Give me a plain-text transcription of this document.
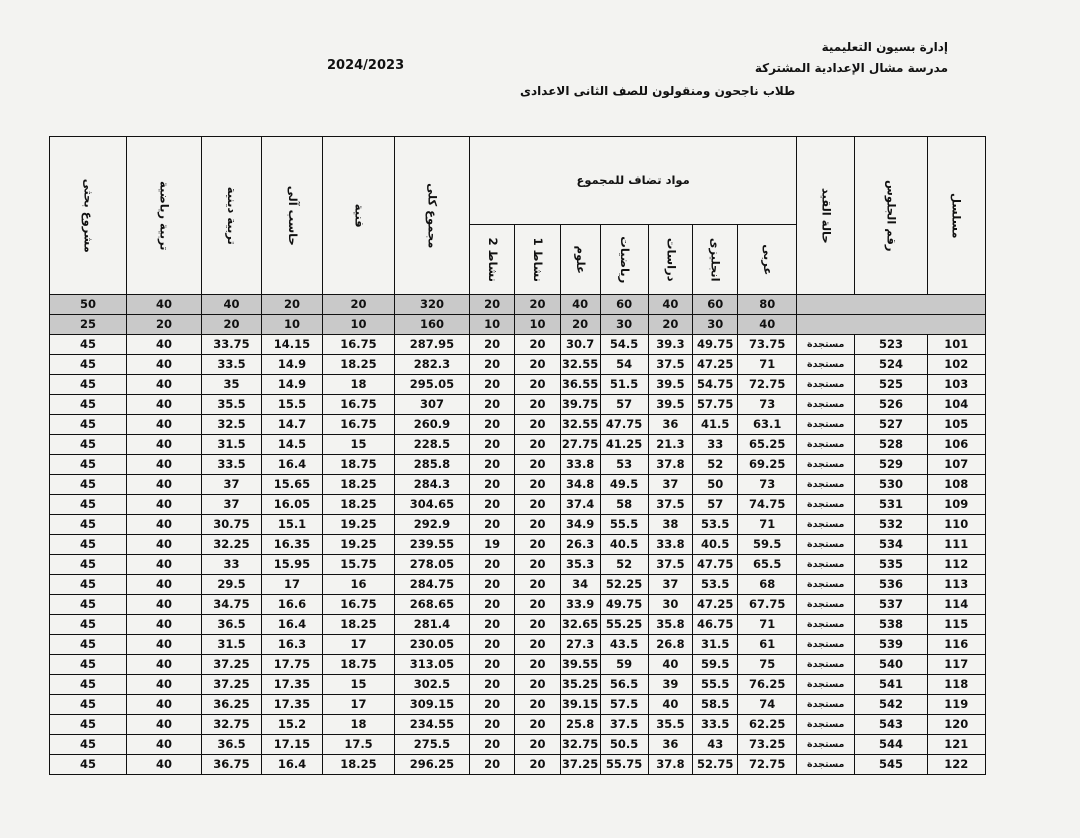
إدارة بسيون التعليمية
مدرسة مشال الإعدادية المشتركة
2024/2023
طلاب ناجحون ومنقولون للصف الثانى الاعدادى
مشروع بحثى	تربية رياضية	تربية دينية	حاسب آلى	فنية	مجموع كلى	مواد تضاف للمجموع							حالة القيد	رقم الجلوس	مسلسل
						نشاط 2	نشاط 1	علوم	رياضيات	دراسات	انجليزى	عربى			
50	40	40	20	20	320	20	20	40	60	40	60	80			
25	20	20	10	10	160	10	10	20	30	20	30	40			
45	40	33.75	14.15	16.75	287.95	20	20	30.7	54.5	39.3	49.75	73.75	مستجدة	523	101
45	40	33.5	14.9	18.25	282.3	20	20	32.55	54	37.5	47.25	71	مستجدة	524	102
45	40	35	14.9	18	295.05	20	20	36.55	51.5	39.5	54.75	72.75	مستجدة	525	103
45	40	35.5	15.5	16.75	307	20	20	39.75	57	39.5	57.75	73	مستجدة	526	104
45	40	32.5	14.7	16.75	260.9	20	20	32.55	47.75	36	41.5	63.1	مستجدة	527	105
45	40	31.5	14.5	15	228.5	20	20	27.75	41.25	21.3	33	65.25	مستجدة	528	106
45	40	33.5	16.4	18.75	285.8	20	20	33.8	53	37.8	52	69.25	مستجدة	529	107
45	40	37	15.65	18.25	284.3	20	20	34.8	49.5	37	50	73	مستجدة	530	108
45	40	37	16.05	18.25	304.65	20	20	37.4	58	37.5	57	74.75	مستجدة	531	109
45	40	30.75	15.1	19.25	292.9	20	20	34.9	55.5	38	53.5	71	مستجدة	532	110
45	40	32.25	16.35	19.25	239.55	19	20	26.3	40.5	33.8	40.5	59.5	مستجدة	534	111
45	40	33	15.95	15.75	278.05	20	20	35.3	52	37.5	47.75	65.5	مستجدة	535	112
45	40	29.5	17	16	284.75	20	20	34	52.25	37	53.5	68	مستجدة	536	113
45	40	34.75	16.6	16.75	268.65	20	20	33.9	49.75	30	47.25	67.75	مستجدة	537	114
45	40	36.5	16.4	18.25	281.4	20	20	32.65	55.25	35.8	46.75	71	مستجدة	538	115
45	40	31.5	16.3	17	230.05	20	20	27.3	43.5	26.8	31.5	61	مستجدة	539	116
45	40	37.25	17.75	18.75	313.05	20	20	39.55	59	40	59.5	75	مستجدة	540	117
45	40	37.25	17.35	15	302.5	20	20	35.25	56.5	39	55.5	76.25	مستجدة	541	118
45	40	36.25	17.35	17	309.15	20	20	39.15	57.5	40	58.5	74	مستجدة	542	119
45	40	32.75	15.2	18	234.55	20	20	25.8	37.5	35.5	33.5	62.25	مستجدة	543	120
45	40	36.5	17.15	17.5	275.5	20	20	32.75	50.5	36	43	73.25	مستجدة	544	121
45	40	36.75	16.4	18.25	296.25	20	20	37.25	55.75	37.8	52.75	72.75	مستجدة	545	122
